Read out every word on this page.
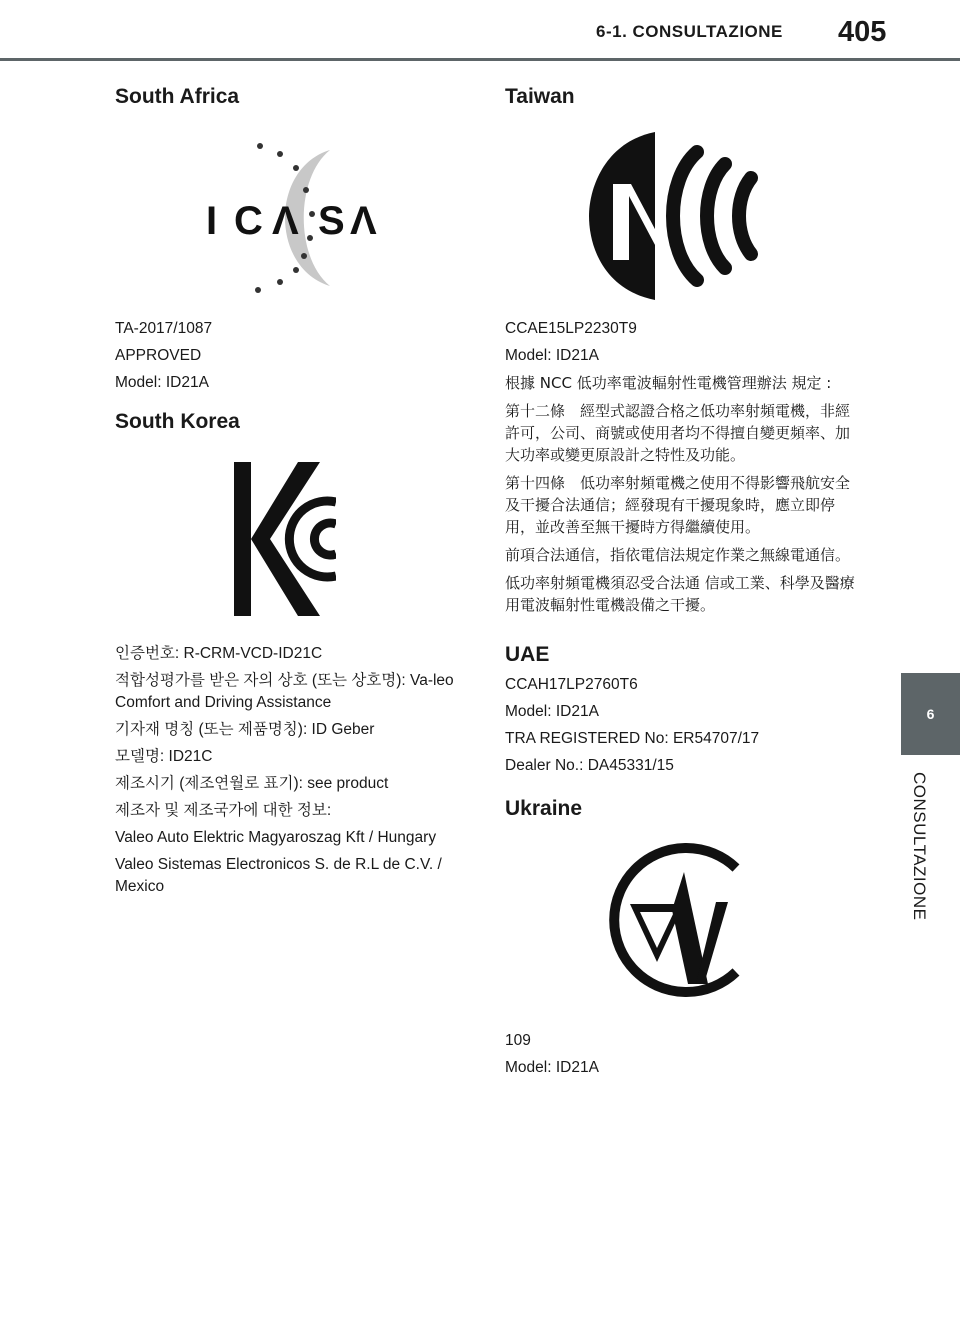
6-1. CONSULTAZIONE 405
6
CONSULTAZIONE
South Africa
I C Λ S Λ

TA-2017/1087

APPROVED

Model: ID21A

South Korea

인증번호: R-CRM-VCD-ID21C

적합성평가를 받은 자의 상호 (또는 상호명): Va-leo Comfort and Driving Assistance

기자재 명칭 (또는 제품명칭): ID Geber

모델명: ID21C

제조시기 (제조연월로 표기): see product

제조자 및 제조국가에 대한 정보:

Valeo Auto Elektric Magyaroszag Kft / Hungary

Valeo Sistemas Electronicos S. de R.L de C.V. / Mexico

Taiwan

CCAE15LP2230T9

Model: ID21A

根據 NCC 低功率電波輻射性電機管理辦法 規定 :

第十二條　經型式認證合格之低功率射頻電機，非經許可，公司、商號或使用者均不得擅自變更頻率、加大功率或變更原設計之特性及功能。

第十四條　低功率射頻電機之使用不得影響飛航安全及干擾合法通信；經發現有干擾現象時，應立即停用，並改善至無干擾時方得繼續使用。

前項合法通信，指依電信法規定作業之無線電通信。

低功率射頻電機須忍受合法通 信或工業、科學及醫療用電波輻射性電機設備之干擾。

UAE

CCAH17LP2760T6

Model: ID21A

TRA REGISTERED No: ER54707/17

Dealer No.: DA45331/15

Ukraine

109

Model: ID21A
